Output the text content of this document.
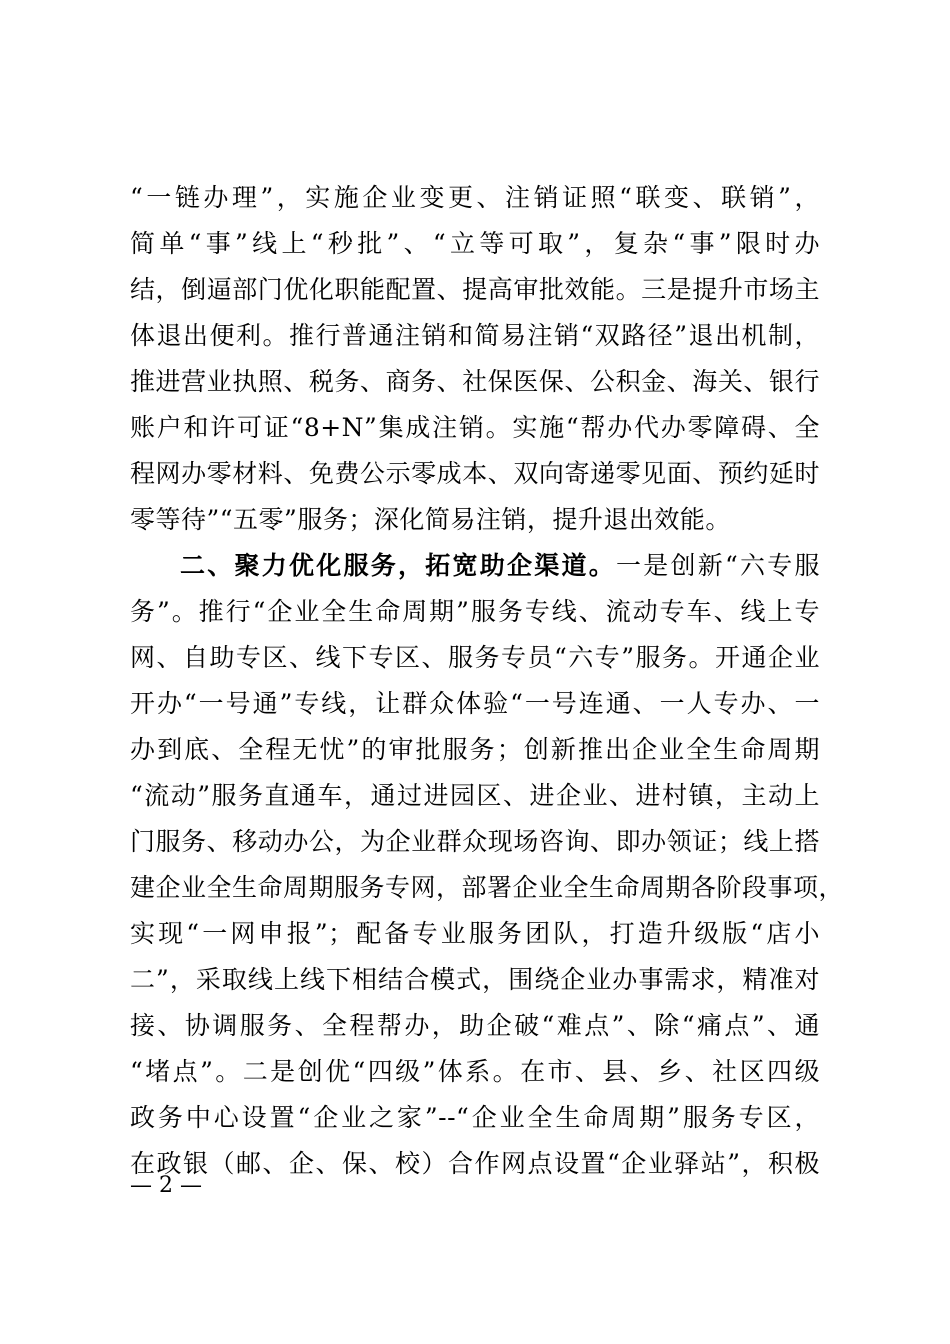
“一链办理”，实施企业变更、注销证照“联变、联销”，
简单“事”线上“秒批”、“立等可取”，复杂“事”限时办
结，倒逼部门优化职能配置、提高审批效能。三是提升市场主
体退出便利。推行普通注销和简易注销“双路径”退出机制，
推进营业执照、税务、商务、社保医保、公积金、海关、银行
账户和许可证“8+N”集成注销。实施“帮办代办零障碍、全
程网办零材料、免费公示零成本、双向寄递零见面、预约延时
零等待”“五零”服务；深化简易注销，提升退出效能。
二、聚力优化服务，拓宽助企渠道。一是创新“六专服
务”。推行“企业全生命周期”服务专线、流动专车、线上专
网、自助专区、线下专区、服务专员“六专”服务。开通企业
开办“一号通”专线，让群众体验“一号连通、一人专办、一
办到底、全程无忧”的审批服务；创新推出企业全生命周期
“流动”服务直通车，通过进园区、进企业、进村镇，主动上
门服务、移动办公，为企业群众现场咨询、即办领证；线上搭
建企业全生命周期服务专网，部署企业全生命周期各阶段事项，
实现“一网申报”；配备专业服务团队，打造升级版“店小
二”，采取线上线下相结合模式，围绕企业办事需求，精准对
接、协调服务、全程帮办，助企破“难点”、除“痛点”、通
“堵点”。二是创优“四级”体系。在市、县、乡、社区四级
政务中心设置“企业之家”--“企业全生命周期”服务专区，
在政银（邮、企、保、校）合作网点设置“企业驿站”，积极
— 2 —
